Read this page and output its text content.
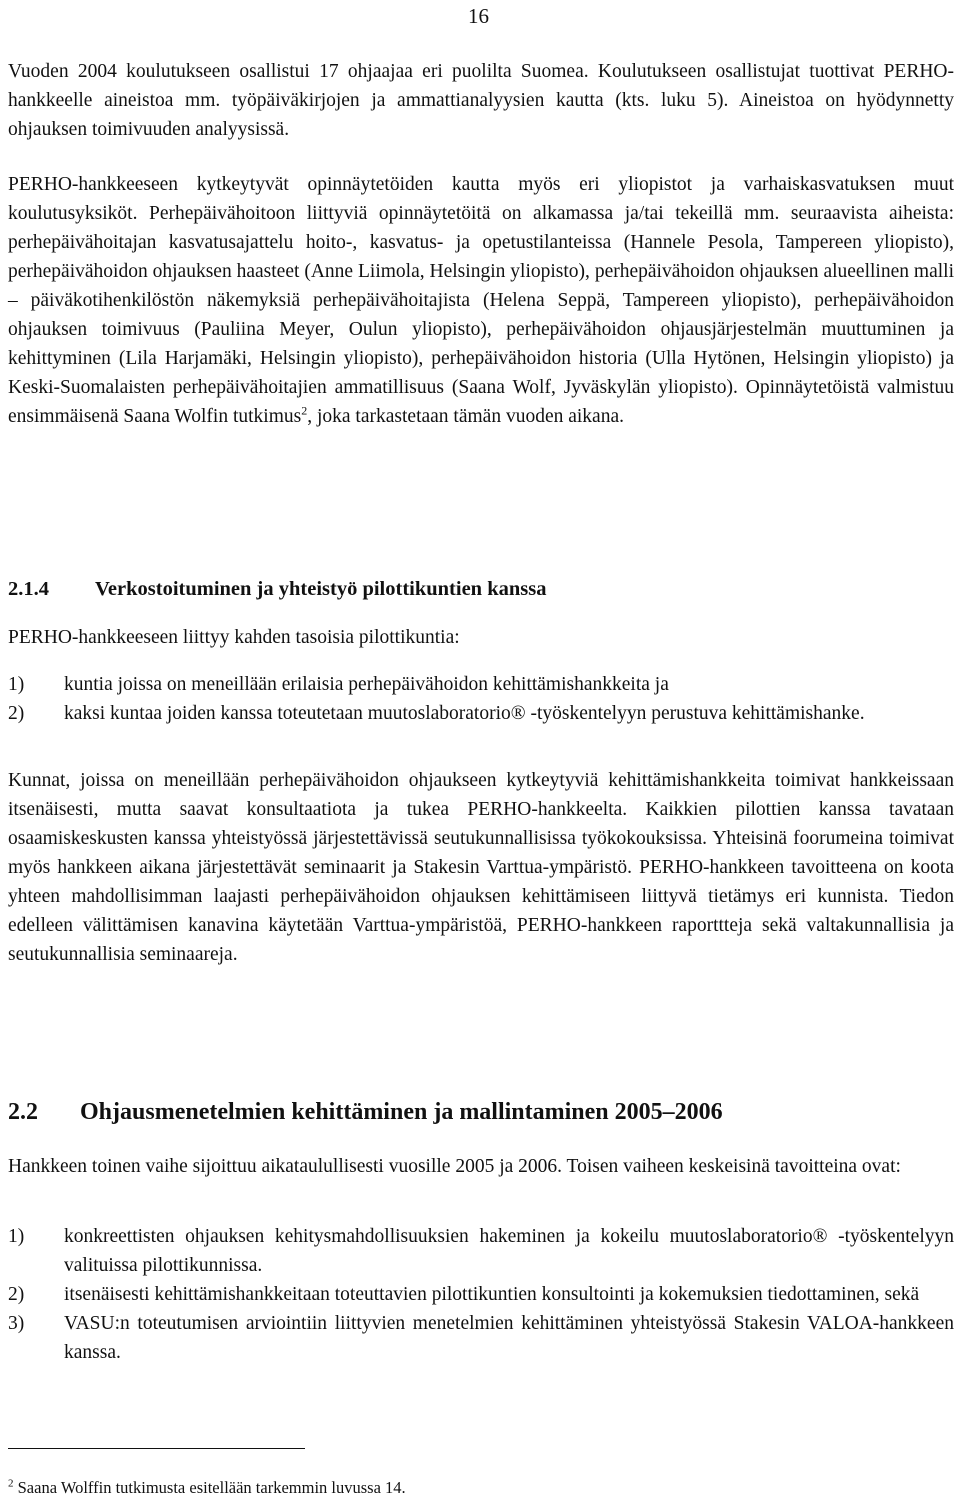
16

Vuoden 2004 koulutukseen osallistui 17 ohjaajaa eri puolilta Suomea. Koulutukseen osallistujat tuottivat PERHO-hankkeelle aineistoa mm. työpäiväkirjojen ja ammattianalyysien kautta (kts. luku 5). Aineistoa on hyödynnetty ohjauksen toimivuuden analyysissä.

PERHO-hankkeeseen kytkeytyvät opinnäytetöiden kautta myös eri yliopistot ja varhaiskasvatuksen muut koulutusyksiköt. Perhepäivähoitoon liittyviä opinnäytetöitä on alkamassa ja/tai tekeillä mm. seuraavista aiheista: perhepäivähoitajan kasvatusajattelu hoito-, kasvatus- ja opetustilanteissa (Hannele Pesola, Tampereen yliopisto), perhepäivähoidon ohjauksen haasteet (Anne Liimola, Helsingin yliopisto), perhepäivähoidon ohjauksen alueellinen malli – päiväkotihenkilöstön näkemyksiä perhepäivähoitajista (Helena Seppä, Tampereen yliopisto), perhepäivähoidon ohjauksen toimivuus (Pauliina Meyer, Oulun yliopisto), perhepäivähoidon ohjausjärjestelmän muuttuminen ja kehittyminen (Lila Harjamäki, Helsingin yliopisto), perhepäivähoidon historia (Ulla Hytönen, Helsingin yliopisto) ja Keski-Suomalaisten perhepäivähoitajien ammatillisuus (Saana Wolf, Jyväskylän yliopisto). Opinnäytetöistä valmistuu ensimmäisenä Saana Wolfin tutkimus$^2$, joka tarkastetaan tämän vuoden aikana.

2.1.4 Verkostoituminen ja yhteistyö pilottikuntien kanssa

PERHO-hankkeeseen liittyy kahden tasoisia pilottikuntia:

1) kuntia joissa on meneillään erilaisia perhepäivähoidon kehittämishankkeita ja
2) kaksi kuntaa joiden kanssa toteutetaan muutoslaboratorio® -työskentelyyn perustuva kehittämishanke.

Kunnat, joissa on meneillään perhepäivähoidon ohjaukseen kytkeytyviä kehittämishankkeita toimivat hankkeissaan itsenäisesti, mutta saavat konsultaatiota ja tukea PERHO-hankkeelta. Kaikkien pilottien kanssa tavataan osaamiskeskusten kanssa yhteistyössä järjestettävissä seutukunnallisissa työkokouksissa. Yhteisinä foorumeina toimivat myös hankkeen aikana järjestettävät seminaarit ja Stakesin Varttua-ympäristö. PERHO-hankkeen tavoitteena on koota yhteen mahdollisimman laajasti perhepäivähoidon ohjauksen kehittämiseen liittyvä tietämys eri kunnista. Tiedon edelleen välittämisen kanavina käytetään Varttua-ympäristöä, PERHO-hankkeen raporttteja sekä valtakunnallisia ja seutukunnallisia seminaareja.

2.2 Ohjausmenetelmien kehittäminen ja mallintaminen 2005–2006

Hankkeen toinen vaihe sijoittuu aikataulullisesti vuosille 2005 ja 2006. Toisen vaiheen keskeisinä tavoitteina ovat:

1) konkreettisten ohjauksen kehitysmahdollisuuksien hakeminen ja kokeilu muutoslaboratorio® -työskentelyyn valituissa pilottikunnissa.
2) itsenäisesti kehittämishankkeitaan toteuttavien pilottikuntien konsultointi ja kokemuksien tiedottaminen, sekä
3) VASU:n toteutumisen arviointiin liittyvien menetelmien kehittäminen yhteistyössä Stakesin VALOA-hankkeen kanssa.
$^2$ Saana Wolffin tutkimusta esitellään tarkemmin luvussa 14.
